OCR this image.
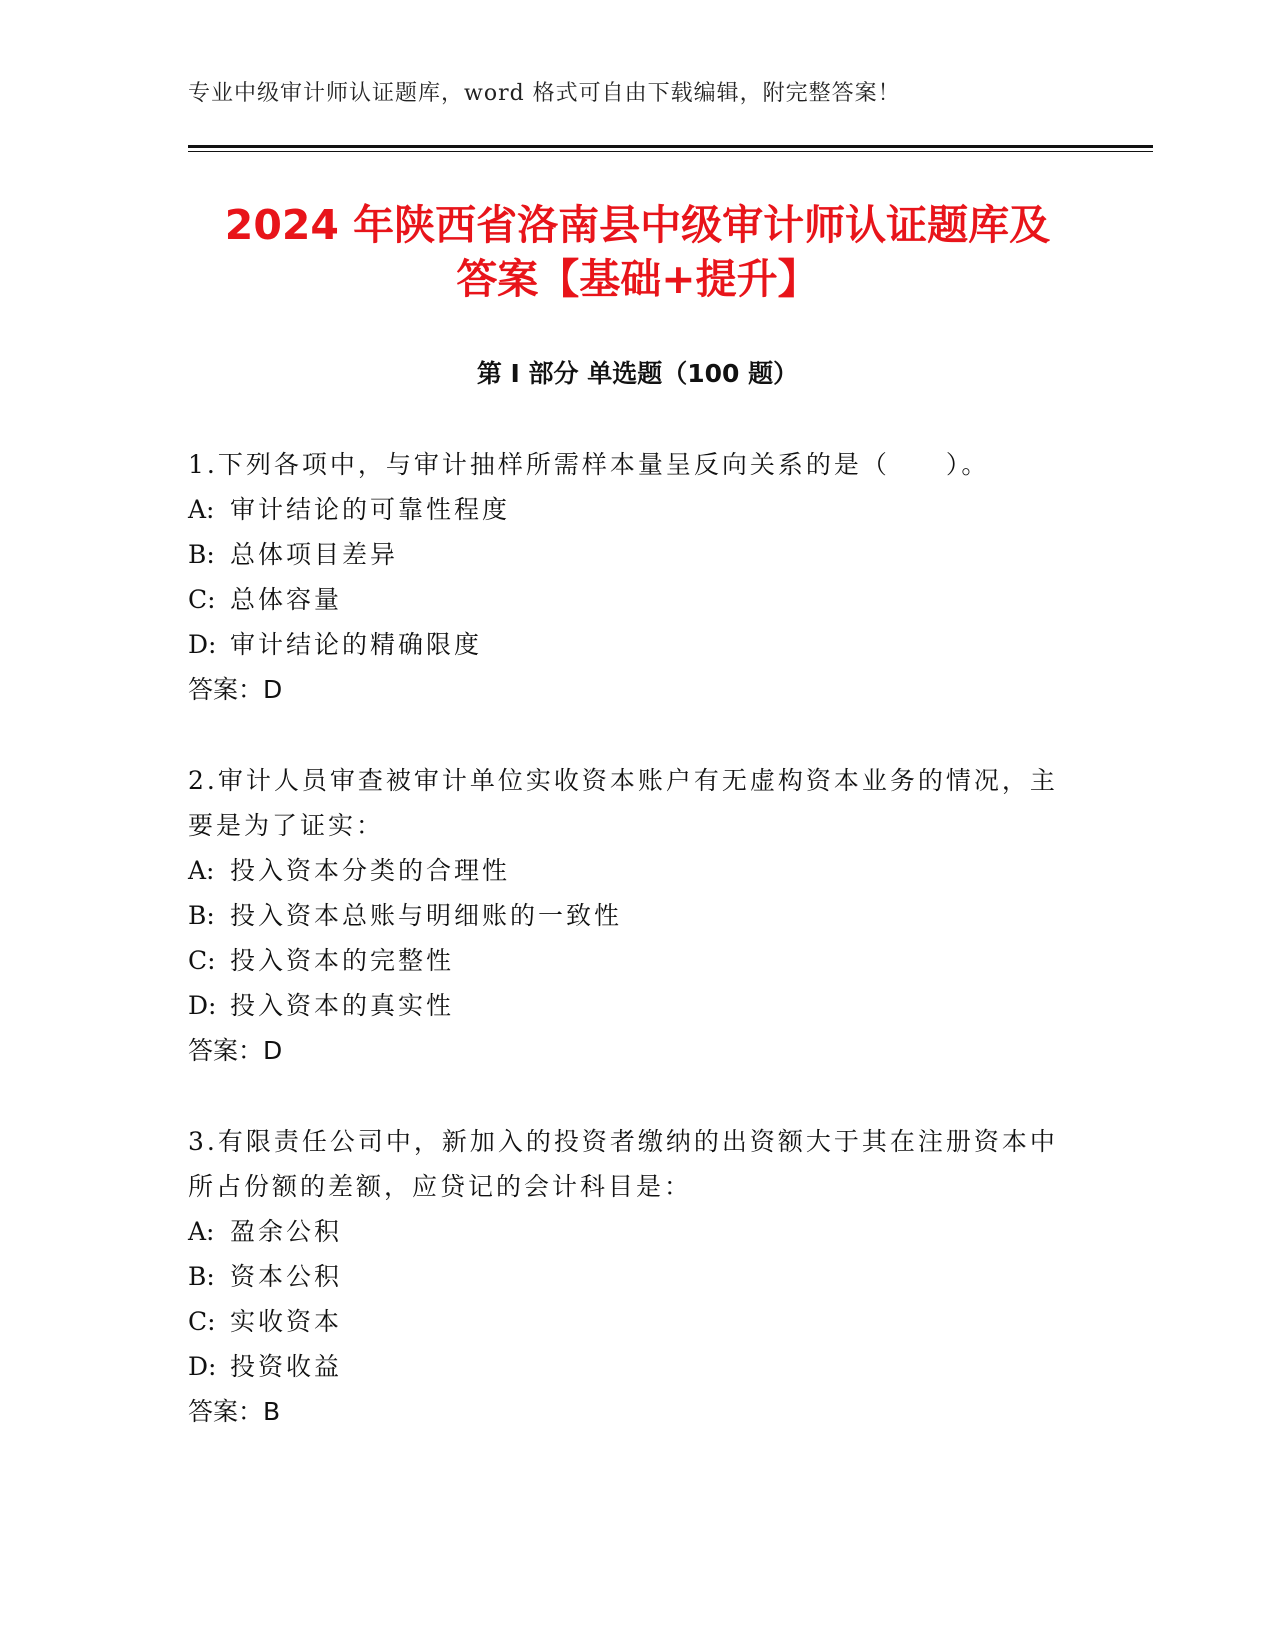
专业中级审计师认证题库，word 格式可自由下载编辑，附完整答案！
2024 年陕西省洛南县中级审计师认证题库及
答案【基础+提升】
第 I 部分 单选题（100 题）
1.下列各项中，与审计抽样所需样本量呈反向关系的是（　　）。
A: 审计结论的可靠性程度
B: 总体项目差异
C: 总体容量
D: 审计结论的精确限度
答案：D
2.审计人员审查被审计单位实收资本账户有无虚构资本业务的情况，主要是为了证实：
A: 投入资本分类的合理性
B: 投入资本总账与明细账的一致性
C: 投入资本的完整性
D: 投入资本的真实性
答案：D
3.有限责任公司中，新加入的投资者缴纳的出资额大于其在注册资本中所占份额的差额，应贷记的会计科目是：
A: 盈余公积
B: 资本公积
C: 实收资本
D: 投资收益
答案：B
